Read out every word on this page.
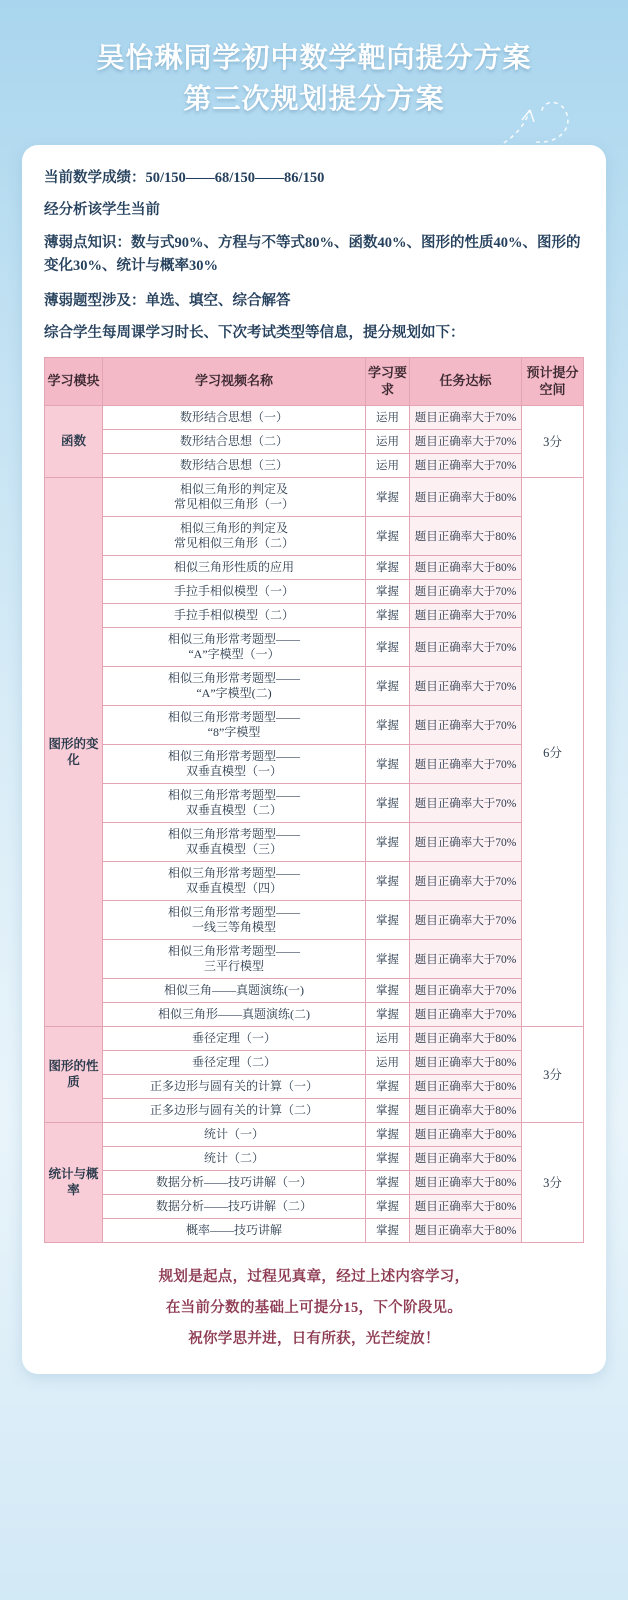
吴怡琳同学初中数学靶向提分方案
第三次规划提分方案

当前数学成绩：50/150——68/150——86/150

经分析该学生当前

薄弱点知识：数与式90%、方程与不等式80%、函数40%、图形的性质40%、图形的变化30%、统计与概率30%

薄弱题型涉及：单选、填空、综合解答

综合学生每周课学习时长、下次考试类型等信息，提分规划如下：

学习模块	学习视频名称	学习要求	任务达标	预计提分空间
函数	数形结合思想（一）	运用	题目正确率大于70%	3分
	数形结合思想（二）	运用	题目正确率大于70%	
	数形结合思想（三）	运用	题目正确率大于70%	
图形的变化	相似三角形的判定及
常见相似三角形（一）	掌握	题目正确率大于80%	6分
	相似三角形的判定及
常见相似三角形（二）	掌握	题目正确率大于80%	
	相似三角形性质的应用	掌握	题目正确率大于80%	
	手拉手相似模型（一）	掌握	题目正确率大于70%	
	手拉手相似模型（二）	掌握	题目正确率大于70%	
	相似三角形常考题型——
“A”字模型（一）	掌握	题目正确率大于70%	
	相似三角形常考题型——
“A”字模型(二)	掌握	题目正确率大于70%	
	相似三角形常考题型——
“8”字模型	掌握	题目正确率大于70%	
	相似三角形常考题型——
双垂直模型（一）	掌握	题目正确率大于70%	
	相似三角形常考题型——
双垂直模型（二）	掌握	题目正确率大于70%	
	相似三角形常考题型——
双垂直模型（三）	掌握	题目正确率大于70%	
	相似三角形常考题型——
双垂直模型（四）	掌握	题目正确率大于70%	
	相似三角形常考题型——
一线三等角模型	掌握	题目正确率大于70%	
	相似三角形常考题型——
三平行模型	掌握	题目正确率大于70%	
	相似三角——真题演练(一)	掌握	题目正确率大于70%	
	相似三角形——真题演练(二)	掌握	题目正确率大于70%	
图形的性质	垂径定理（一）	运用	题目正确率大于80%	3分
	垂径定理（二）	运用	题目正确率大于80%	
	正多边形与圆有关的计算（一）	掌握	题目正确率大于80%	
	正多边形与圆有关的计算（二）	掌握	题目正确率大于80%	
统计与概率	统计（一）	掌握	题目正确率大于80%	3分
	统计（二）	掌握	题目正确率大于80%	
	数据分析——技巧讲解（一）	掌握	题目正确率大于80%	
	数据分析——技巧讲解（二）	掌握	题目正确率大于80%	
	概率——技巧讲解	掌握	题目正确率大于80%	

规划是起点，过程见真章，经过上述内容学习，

在当前分数的基础上可提分15，下个阶段见。

祝你学思并进，日有所获，光芒绽放！
